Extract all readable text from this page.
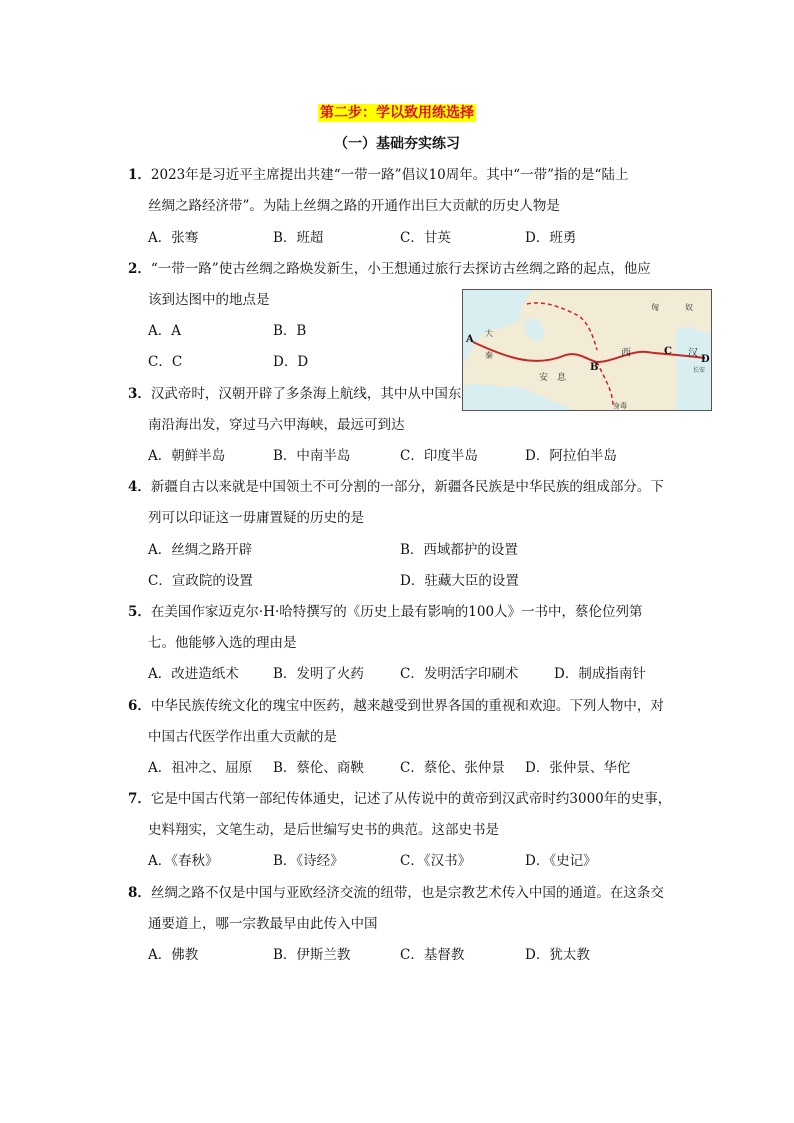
第二步：学以致用练选择
（一）基础夯实练习
1．2023年是习近平主席提出共建“一带一路”倡议10周年。其中“一带”指的是“陆上
丝绸之路经济带”。为陆上丝绸之路的开通作出巨大贡献的历史人物是
A．张骞	B．班超	C．甘英	D．班勇
2．“一带一路”使古丝绸之路焕发新生，小王想通过旅行去探访古丝绸之路的起点，他应
该到达图中的地点是
A．A	B．B
C．C	D．D
A
B
C
D
匈	奴
西	汉
安 息
大
秦
长安
身毒
3．汉武帝时，汉朝开辟了多条海上航线，其中从中国东
南沿海出发，穿过马六甲海峡，最远可到达
A．朝鲜半岛	B．中南半岛	C．印度半岛	D．阿拉伯半岛
4．新疆自古以来就是中国领土不可分割的一部分，新疆各民族是中华民族的组成部分。下
列可以印证这一毋庸置疑的历史的是
A．丝绸之路开辟	B．西域都护的设置
C．宣政院的设置	D．驻藏大臣的设置
5．在美国作家迈克尔·H·哈特撰写的《历史上最有影响的100人》一书中，蔡伦位列第
七。他能够入选的理由是
A．改进造纸术	B．发明了火药	C．发明活字印刷术	D．制成指南针
6．中华民族传统文化的瑰宝中医药，越来越受到世界各国的重视和欢迎。下列人物中，对
中国古代医学作出重大贡献的是
A．祖冲之、屈原 B．蔡伦、商鞅	C．蔡伦、张仲景 D．张仲景、华佗
7．它是中国古代第一部纪传体通史，记述了从传说中的黄帝到汉武帝时约3000年的史事，
史料翔实，文笔生动，是后世编写史书的典范。这部史书是
A．《春秋》	B．《诗经》	C．《汉书》	D．《史记》
8．丝绸之路不仅是中国与亚欧经济交流的纽带，也是宗教艺术传入中国的通道。在这条交
通要道上，哪一宗教最早由此传入中国
A．佛教	B．伊斯兰教	C．基督教	D．犹太教
